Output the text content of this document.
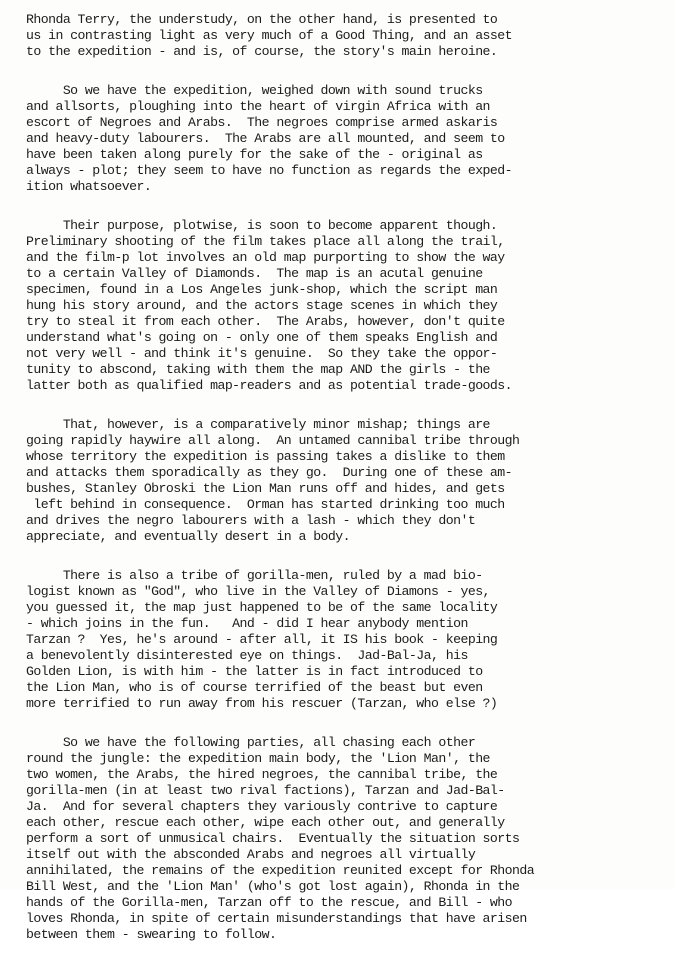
Rhonda Terry, the understudy, on the other hand, is presented to
us in contrasting light as very much of a Good Thing, and an asset
to the expedition - and is, of course, the story's main heroine.
So we have the expedition, weighed down with sound trucks
and allsorts, ploughing into the heart of virgin Africa with an
escort of Negroes and Arabs.  The negroes comprise armed askaris
and heavy-duty labourers.  The Arabs are all mounted, and seem to
have been taken along purely for the sake of the - original as
always - plot; they seem to have no function as regards the exped-
ition whatsoever.
Their purpose, plotwise, is soon to become apparent though.
Preliminary shooting of the film takes place all along the trail,
and the film-p lot involves an old map purporting to show the way
to a certain Valley of Diamonds.  The map is an acutal genuine
specimen, found in a Los Angeles junk-shop, which the script man
hung his story around, and the actors stage scenes in which they
try to steal it from each other.  The Arabs, however, don't quite
understand what's going on - only one of them speaks English and
not very well - and think it's genuine.  So they take the oppor-
tunity to abscond, taking with them the map AND the girls - the
latter both as qualified map-readers and as potential trade-goods.
That, however, is a comparatively minor mishap; things are
going rapidly haywire all along.  An untamed cannibal tribe through
whose territory the expedition is passing takes a dislike to them
and attacks them sporadically as they go.  During one of these am-
bushes, Stanley Obroski the Lion Man runs off and hides, and gets
left behind in consequence.  Orman has started drinking too much
and drives the negro labourers with a lash - which they don't
appreciate, and eventually desert in a body.
There is also a tribe of gorilla-men, ruled by a mad bio-
logist known as "God", who live in the Valley of Diamons - yes,
you guessed it, the map just happened to be of the same locality
- which joins in the fun.   And - did I hear anybody mention
Tarzan ?  Yes, he's around - after all, it IS his book - keeping
a benevolently disinterested eye on things.  Jad-Bal-Ja, his
Golden Lion, is with him - the latter is in fact introduced to
the Lion Man, who is of course terrified of the beast but even
more terrified to run away from his rescuer (Tarzan, who else ?)
So we have the following parties, all chasing each other
round the jungle: the expedition main body, the 'Lion Man', the
two women, the Arabs, the hired negroes, the cannibal tribe, the
gorilla-men (in at least two rival factions), Tarzan and Jad-Bal-
Ja.  And for several chapters they variously contrive to capture
each other, rescue each other, wipe each other out, and generally
perform a sort of unmusical chairs.  Eventually the situation sorts
itself out with the absconded Arabs and negroes all virtually
annihilated, the remains of the expedition reunited except for Rhonda
Bill West, and the 'Lion Man' (who's got lost again), Rhonda in the
hands of the Gorilla-men, Tarzan off to the rescue, and Bill - who
loves Rhonda, in spite of certain misunderstandings that have arisen
between them - swearing to follow.
